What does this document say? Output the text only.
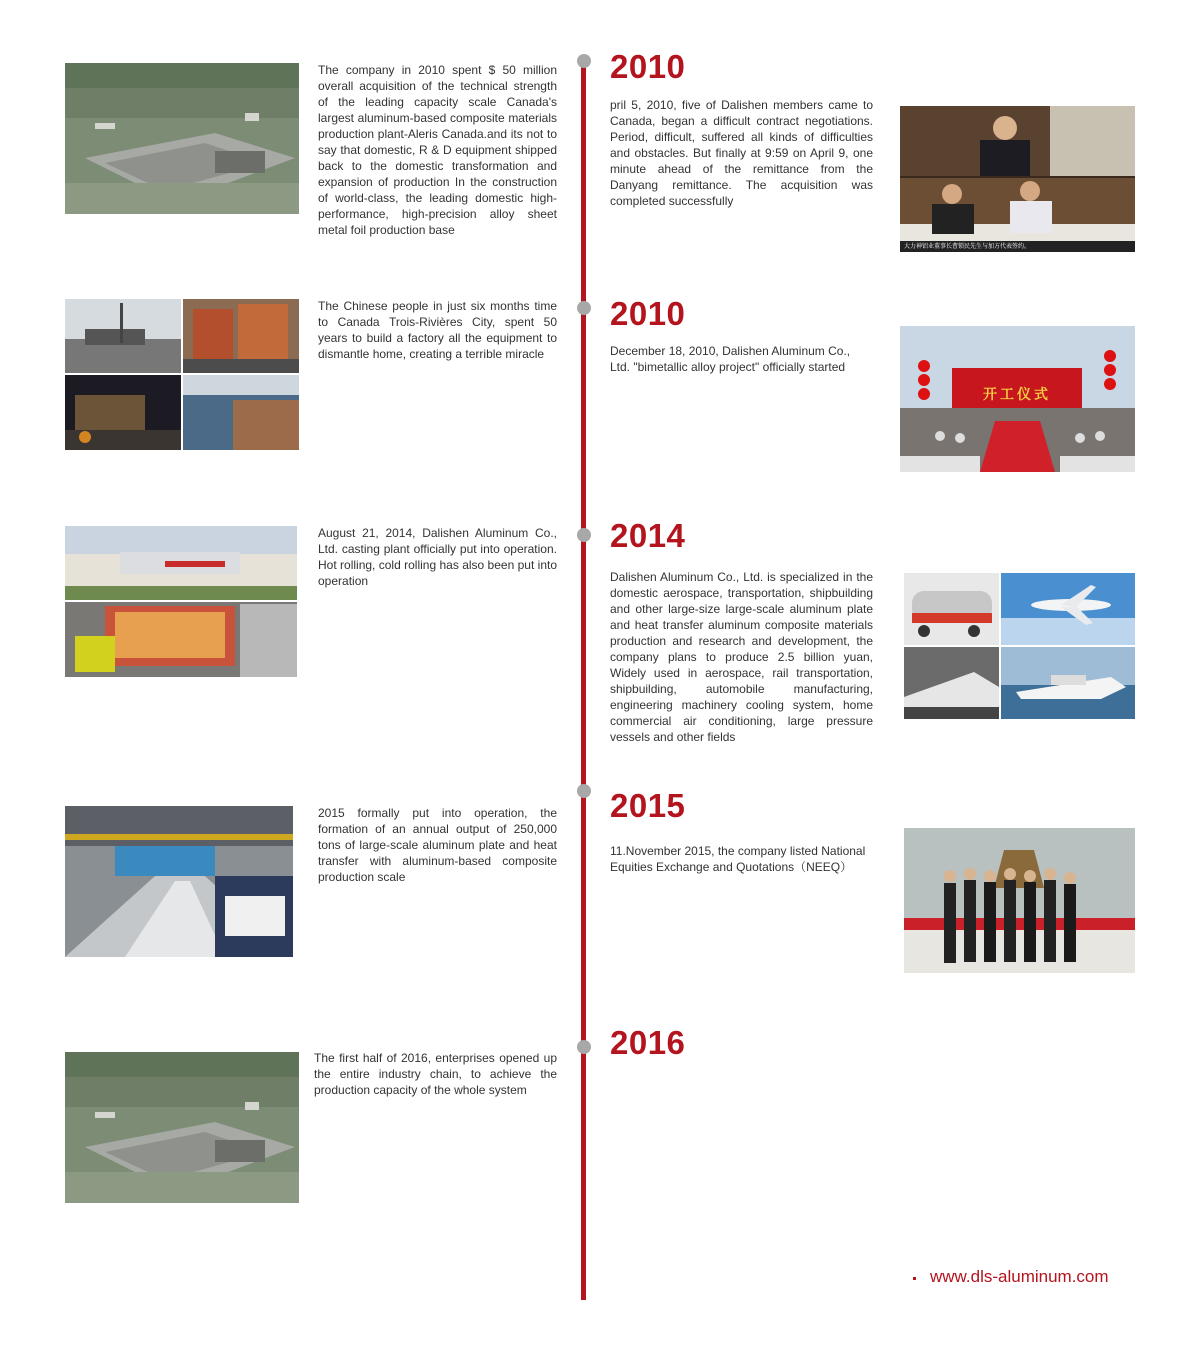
The company in 2010 spent $ 50 million overall acquisition of the technical strength of the leading capacity scale Canada's largest aluminum-based composite materials production plant-Aleris Canada.and its not to say that domestic, R & D equipment shipped back to the domestic transformation and expansion of production In the construction of world-class, the leading domestic high-performance, high-precision alloy sheet metal foil production base
2010
pril 5, 2010, five of Dalishen members came to Canada, began a difficult contract negotiations. Period, difficult, suffered all kinds of difficulties and obstacles. But finally at 9:59 on April 9, one minute ahead of the remittance from the Danyang remittance. The acquisition was completed successfully
大力神铝业董事长曹锁民先生与加方代表签约。
The Chinese people in just six months time to Canada Trois-Rivières City, spent 50 years to build a factory all the equipment to dismantle home, creating a terrible miracle
2010
December 18, 2010, Dalishen Aluminum Co., Ltd. "bimetallic alloy project" officially started
开工仪式
August 21, 2014, Dalishen Aluminum Co., Ltd. casting plant officially put into operation. Hot rolling, cold rolling has also been put into operation
2014
Dalishen Aluminum Co., Ltd. is specialized in the domestic aerospace, transportation, shipbuilding and other large-size large-scale aluminum plate and heat transfer aluminum composite materials production and research and development, the company plans to produce 2.5 billion yuan, Widely used in aerospace, rail transportation, shipbuilding, automobile manufacturing, engineering machinery cooling system, home commercial air conditioning, large pressure vessels and other fields
2015 formally put into operation, the formation of an annual output of 250,000 tons of large-scale aluminum plate and heat transfer with aluminum-based composite production scale
2015
11.November 2015, the company listed National Equities Exchange and Quotations（NEEQ）
The first half of 2016, enterprises opened up the entire industry chain, to achieve the production capacity of the whole system
2016
www.dls-aluminum.com
